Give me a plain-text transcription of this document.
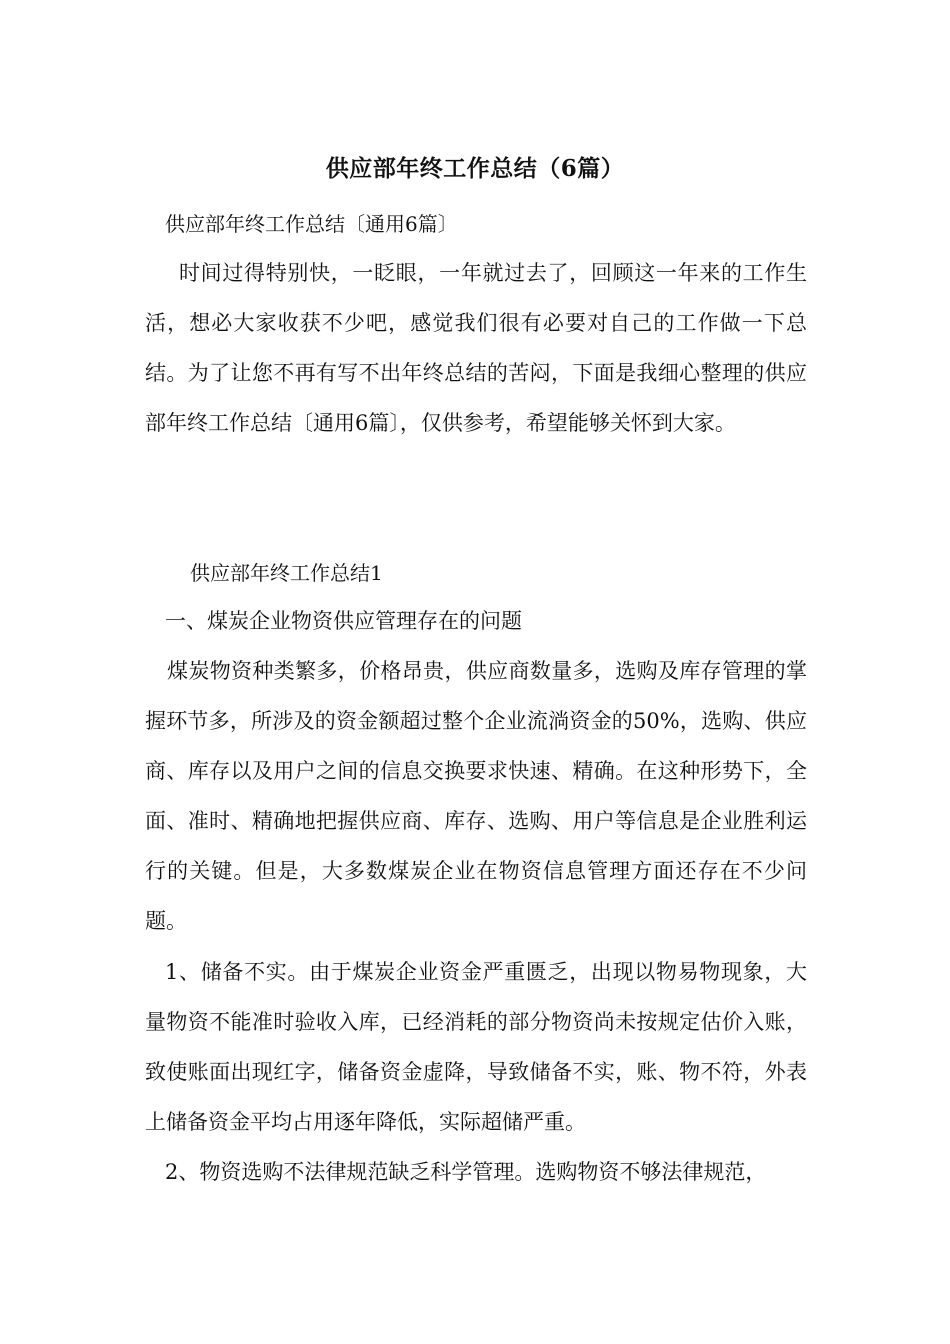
供应部年终工作总结（6篇）
供应部年终工作总结〔通用6篇〕

时间过得特别快，一眨眼，一年就过去了，回顾这一年来的工作生活，想必大家收获不少吧，感觉我们很有必要对自己的工作做一下总结。为了让您不再有写不出年终总结的苦闷，下面是我细心整理的供应部年终工作总结〔通用6篇〕，仅供参考，希望能够关怀到大家。

供应部年终工作总结1
一、煤炭企业物资供应管理存在的问题

煤炭物资种类繁多，价格昂贵，供应商数量多，选购及库存管理的掌握环节多，所涉及的资金额超过整个企业流淌资金的50%，选购、供应商、库存以及用户之间的信息交换要求快速、精确。在这种形势下，全面、准时、精确地把握供应商、库存、选购、用户等信息是企业胜利运行的关键。但是，大多数煤炭企业在物资信息管理方面还存在不少问题。

1、储备不实。由于煤炭企业资金严重匮乏，出现以物易物现象，大量物资不能准时验收入库，已经消耗的部分物资尚未按规定估价入账，致使账面出现红字，储备资金虚降，导致储备不实，账、物不符，外表上储备资金平均占用逐年降低，实际超储严重。

2、物资选购不法律规范缺乏科学管理。选购物资不够法律规范，
